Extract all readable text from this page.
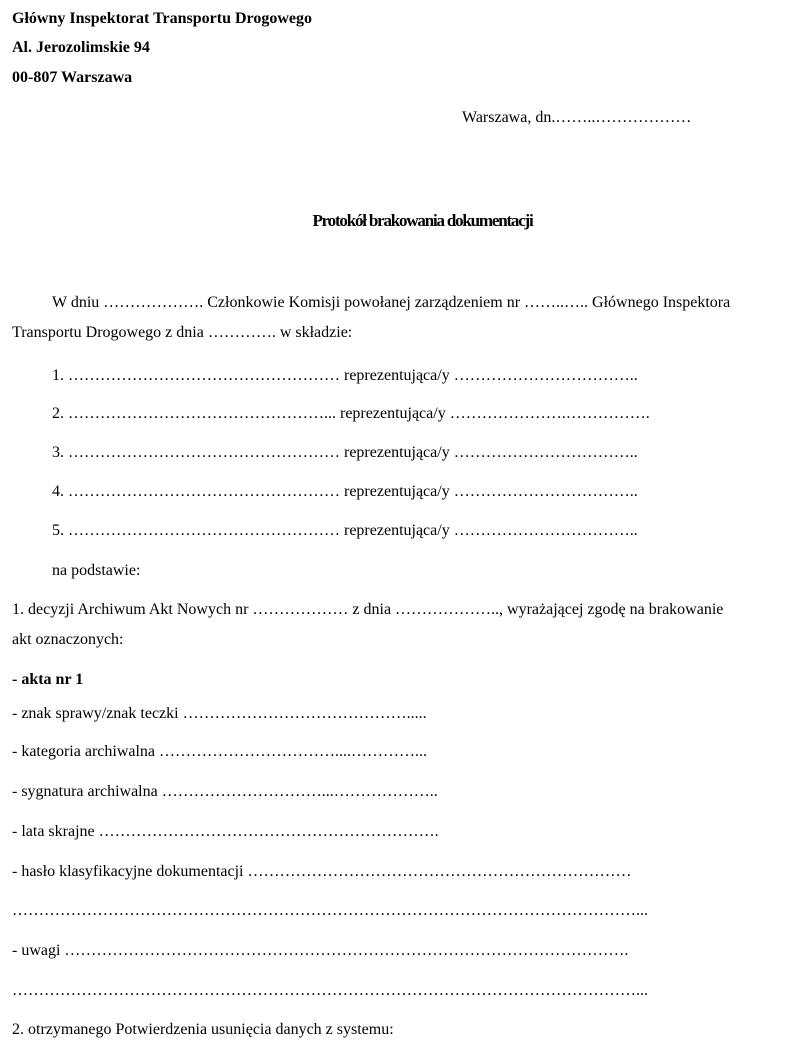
Główny Inspektorat Transportu Drogowego
Al. Jerozolimskie 94
00-807 Warszawa
Warszawa, dn.……..………………
Protokół brakowania dokumentacji
W dniu ………………. Członkowie Komisji powołanej zarządzeniem nr ……..….. Głównego Inspektora
Transportu Drogowego z dnia …………. w składzie:
1. …………………………………………… reprezentująca/y ……………………………..
2. …………………………………………... reprezentująca/y ………………….…………….
3. …………………………………………… reprezentująca/y ……………………………..
4. …………………………………………… reprezentująca/y ……………………………..
5. …………………………………………… reprezentująca/y ……………………………..
na podstawie:
1. decyzji Archiwum Akt Nowych nr ……………… z dnia ……………….., wyrażającej zgodę na brakowanie
akt oznaczonych:
- akta nr 1
- znak sprawy/znak teczki …………………………………….....
- kategoria archiwalna ……………………………....…………...
- sygnatura archiwalna …………………………...………………..
- lata skrajne ……………………………………………………….
- hasło klasyfikacyjne dokumentacji ………………………………………………………………
………………………………………………………………………………………………………...
- uwagi …………………………………………………………………………………………….
………………………………………………………………………………………………………...
2. otrzymanego Potwierdzenia usunięcia danych z systemu:
